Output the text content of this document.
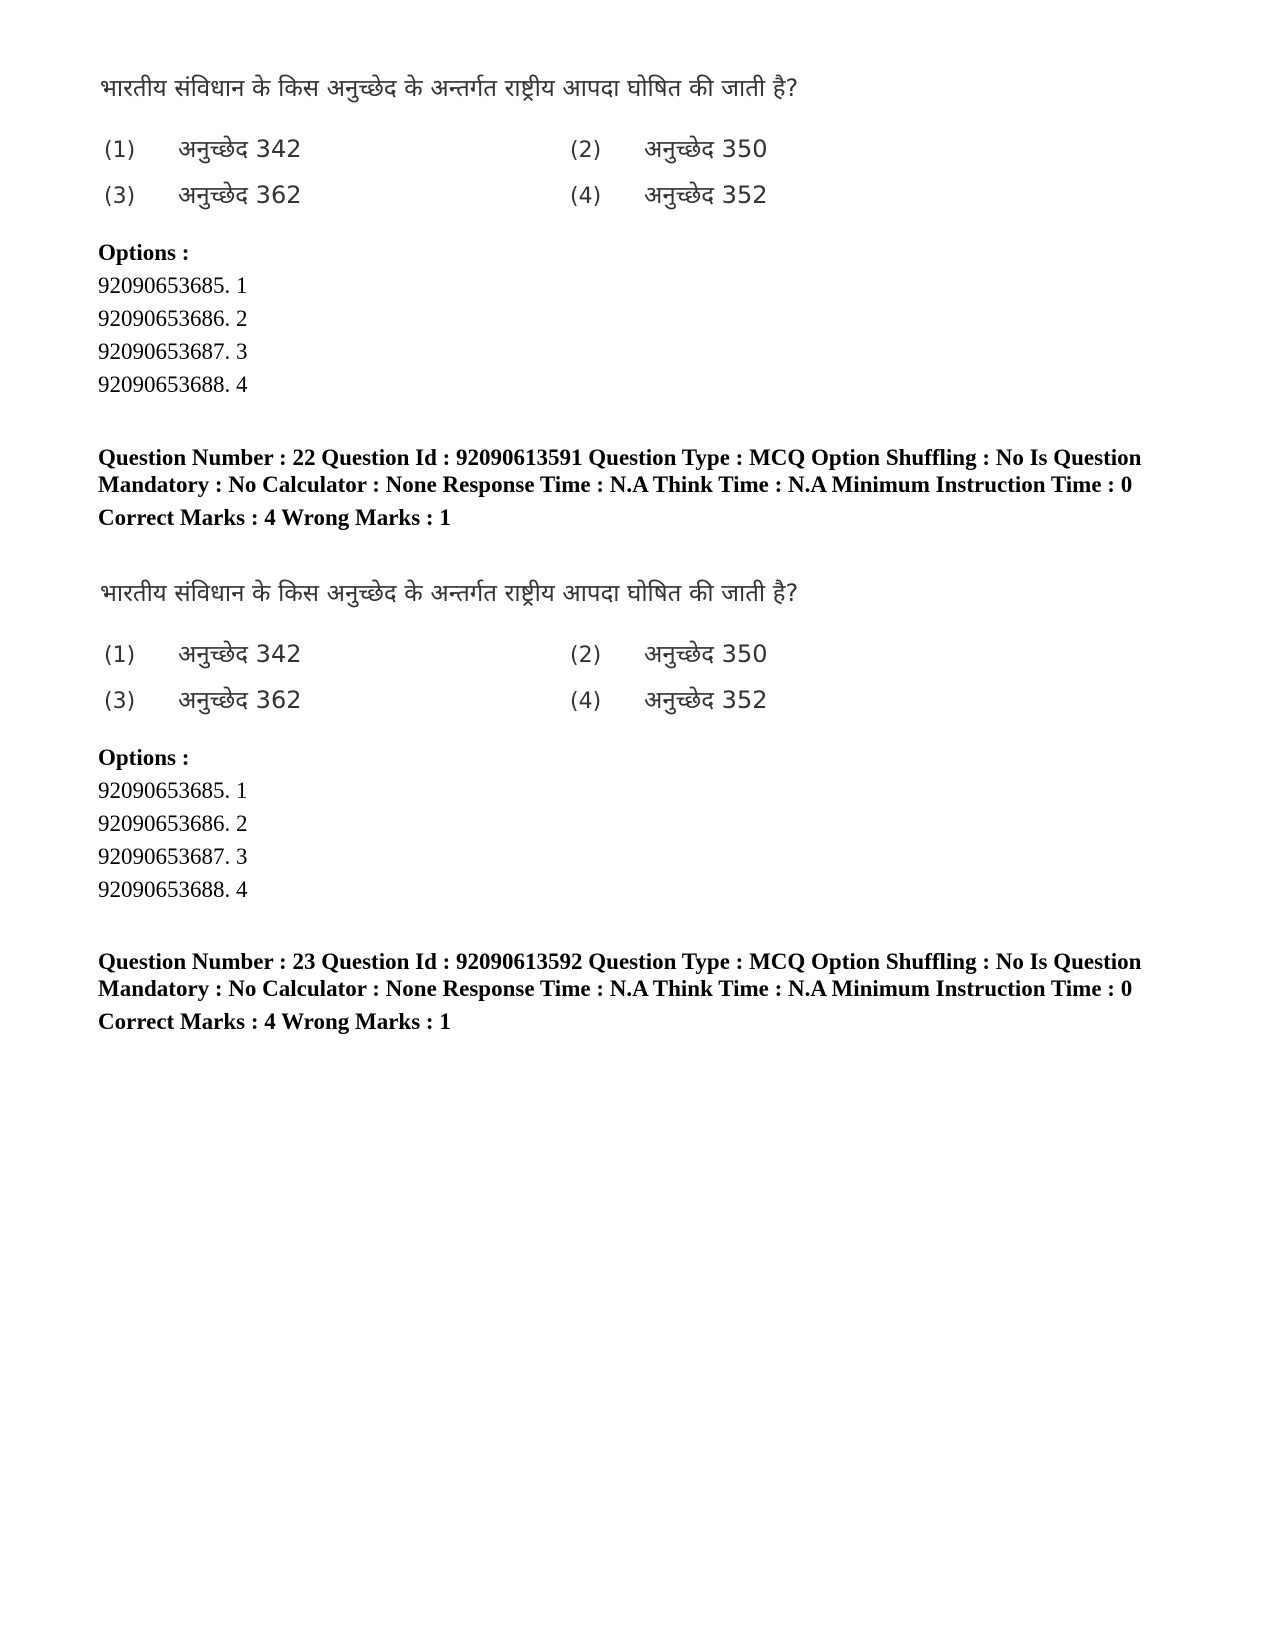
भारतीय संविधान के किस अनुच्छेद के अन्तर्गत राष्ट्रीय आपदा घोषित की जाती है?
(1) अनुच्छेद 342	(2) अनुच्छेद 350
(3) अनुच्छेद 362	(4) अनुच्छेद 352
Options :
92090653685. 1
92090653686. 2
92090653687. 3
92090653688. 4
Question Number : 22 Question Id : 92090613591 Question Type : MCQ Option Shuffling : No Is Question Mandatory : No Calculator : None Response Time : N.A Think Time : N.A Minimum Instruction Time : 0
Correct Marks : 4 Wrong Marks : 1
भारतीय संविधान के किस अनुच्छेद के अन्तर्गत राष्ट्रीय आपदा घोषित की जाती है?
(1) अनुच्छेद 342	(2) अनुच्छेद 350
(3) अनुच्छेद 362	(4) अनुच्छेद 352
Options :
92090653685. 1
92090653686. 2
92090653687. 3
92090653688. 4
Question Number : 23 Question Id : 92090613592 Question Type : MCQ Option Shuffling : No Is Question Mandatory : No Calculator : None Response Time : N.A Think Time : N.A Minimum Instruction Time : 0
Correct Marks : 4 Wrong Marks : 1
